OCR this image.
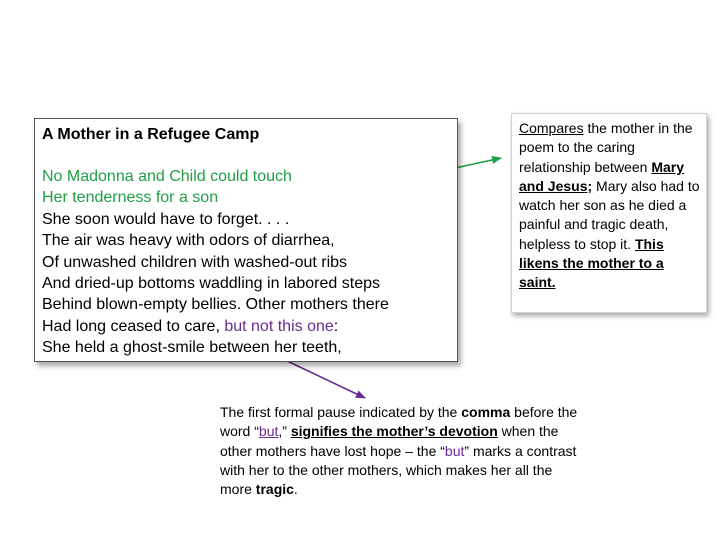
A Mother in a Refugee Camp
No Madonna and Child could touch
Her tenderness for a son
She soon would have to forget. . . .
The air was heavy with odors of diarrhea,
Of unwashed children with washed-out ribs
And dried-up bottoms waddling in labored steps
Behind blown-empty bellies. Other mothers there
Had long ceased to care, but not this one:
She held a ghost-smile between her teeth,
Compares the mother in the poem to the caring relationship between Mary and Jesus; Mary also had to watch her son as he died a painful and tragic death, helpless to stop it. This likens the mother to a saint.
The first formal pause indicated by the comma before the word “but,” signifies the mother’s devotion when the other mothers have lost hope – the “but” marks a contrast with her to the other mothers, which makes her all the more tragic.
